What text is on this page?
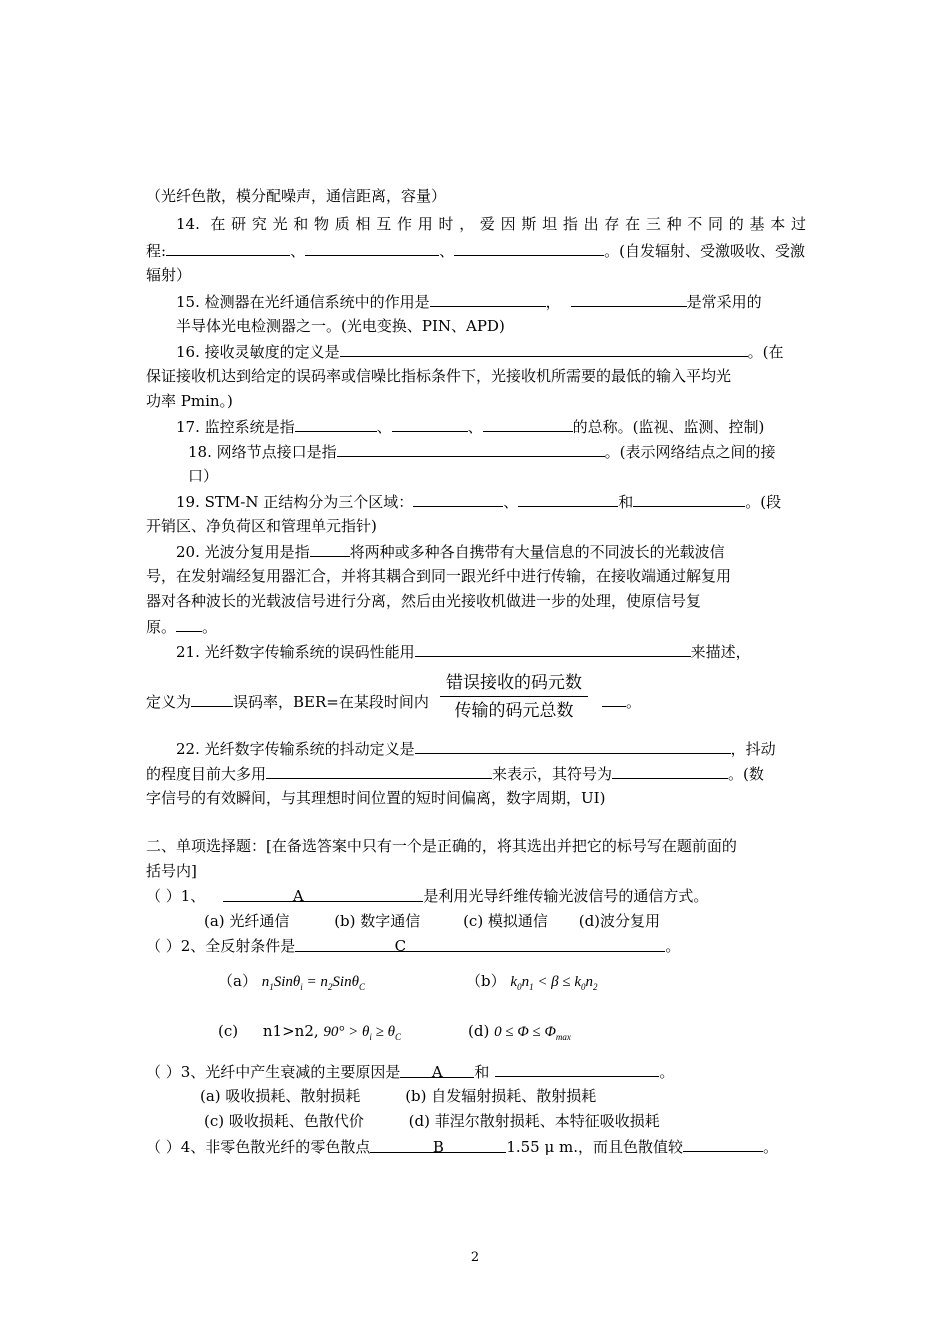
（光纤色散，模分配噪声，通信距离，容量）
14. 在研究光和物质相互作用时，爱因斯坦指出存在三种不同的基本过
程:	、	、	。(自发辐射、受激吸收、受激
辐射）
15. 检测器在光纤通信系统中的作用是	，	是常采用的
半导体光电检测器之一。(光电变换、PIN、APD)
16. 接收灵敏度的定义是	。(在
保证接收机达到给定的误码率或信噪比指标条件下，光接收机所需要的最低的输入平均光
功率 Pmin。)
17. 监控系统是指	、	、	的总称。(监视、监测、控制)
18. 网络节点接口是指	。(表示网络结点之间的接
口）
19. STM-N 正结构分为三个区域：	、	和	。(段
开销区、净负荷区和管理单元指针)
20. 光波分复用是指	将两种或多种各自携带有大量信息的不同波长的光载波信
号，在发射端经复用器汇合，并将其耦合到同一跟光纤中进行传输，在接收端通过解复用
器对各种波长的光载波信号进行分离，然后由光接收机做进一步的处理，使原信号复
原。 。
21. 光纤数字传输系统的误码性能用	来描述，
定义为	误码率，BER=在某段时间内
错误接收的码元数
传输的码元总数	。
22. 光纤数字传输系统的抖动定义是	，抖动
的程度目前大多用	来表示，其符号为	。(数
字信号的有效瞬间，与其理想时间位置的短时间偏离，数字周期，UI)
二、单项选择题：[在备选答案中只有一个是正确的，将其选出并把它的标号写在题前面的
括号内]
（ ）1、	A	是利用光导纤维传输光波信号的通信方式。
(a) 光纤通信	(b) 数字通信	(c) 模拟通信 (d)波分复用
（ ）2、全反射条件是	C	。
（a） $n_1Sin\theta_i = n_2Sin\theta_C$	（b） $k_0n_1 < \beta \le k_0n_2$
(c) n1>n2, $90^\circ > \theta_i \ge \theta_C$	(d) $0 \le \Phi \le \Phi_{max}$
（ ）3、光纤中产生衰减的主要原因是 A 和	。
(a) 吸收损耗、散射损耗	(b) 自发辐射损耗、散射损耗
(c) 吸收损耗、色散代价	(d) 菲涅尔散射损耗、本特征吸收损耗
（ ）4、非零色散光纤的零色散点	B	1.55 μ m.，而且色散值较	。
2
